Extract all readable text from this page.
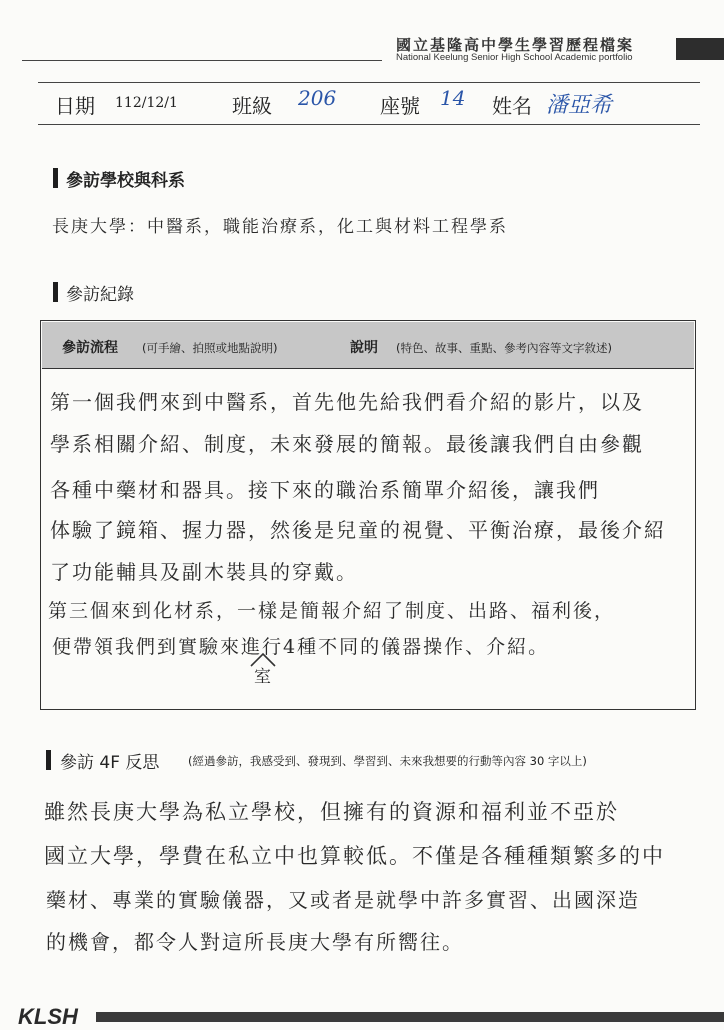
國立基隆高中學生學習歷程檔案
National Keelung Senior High School Academic portfolio
日期 112/12/1	班級 206 座號 14 姓名 潘亞希
參訪學校與科系
長庚大學：中醫系，職能治療系，化工與材料工程學系
參訪紀錄
參訪流程 (可手繪、拍照或地點說明)	說明 (特色、故事、重點、參考內容等文字敘述)
第一個我們來到中醫系，首先他先給我們看介紹的影片，以及
學系相關介紹、制度，未來發展的簡報。最後讓我們自由參觀
各種中藥材和器具。接下來的職治系簡單介紹後，讓我們
体驗了鏡箱、握力器，然後是兒童的視覺、平衡治療，最後介紹
了功能輔具及副木裝具的穿戴。
第三個來到化材系，一樣是簡報介紹了制度、出路、福利後，
便帶領我們到實驗來進行4種不同的儀器操作、介紹。
室
參訪 4F 反思 (經過參訪，我感受到、發現到、學習到、未來我想要的行動等內容 30 字以上)
雖然長庚大學為私立學校，但擁有的資源和福利並不亞於
國立大學，學費在私立中也算較低。不僅是各種種類繁多的中
藥材、專業的實驗儀器，又或者是就學中許多實習、出國深造
的機會，都令人對這所長庚大學有所嚮往。
KLSH
